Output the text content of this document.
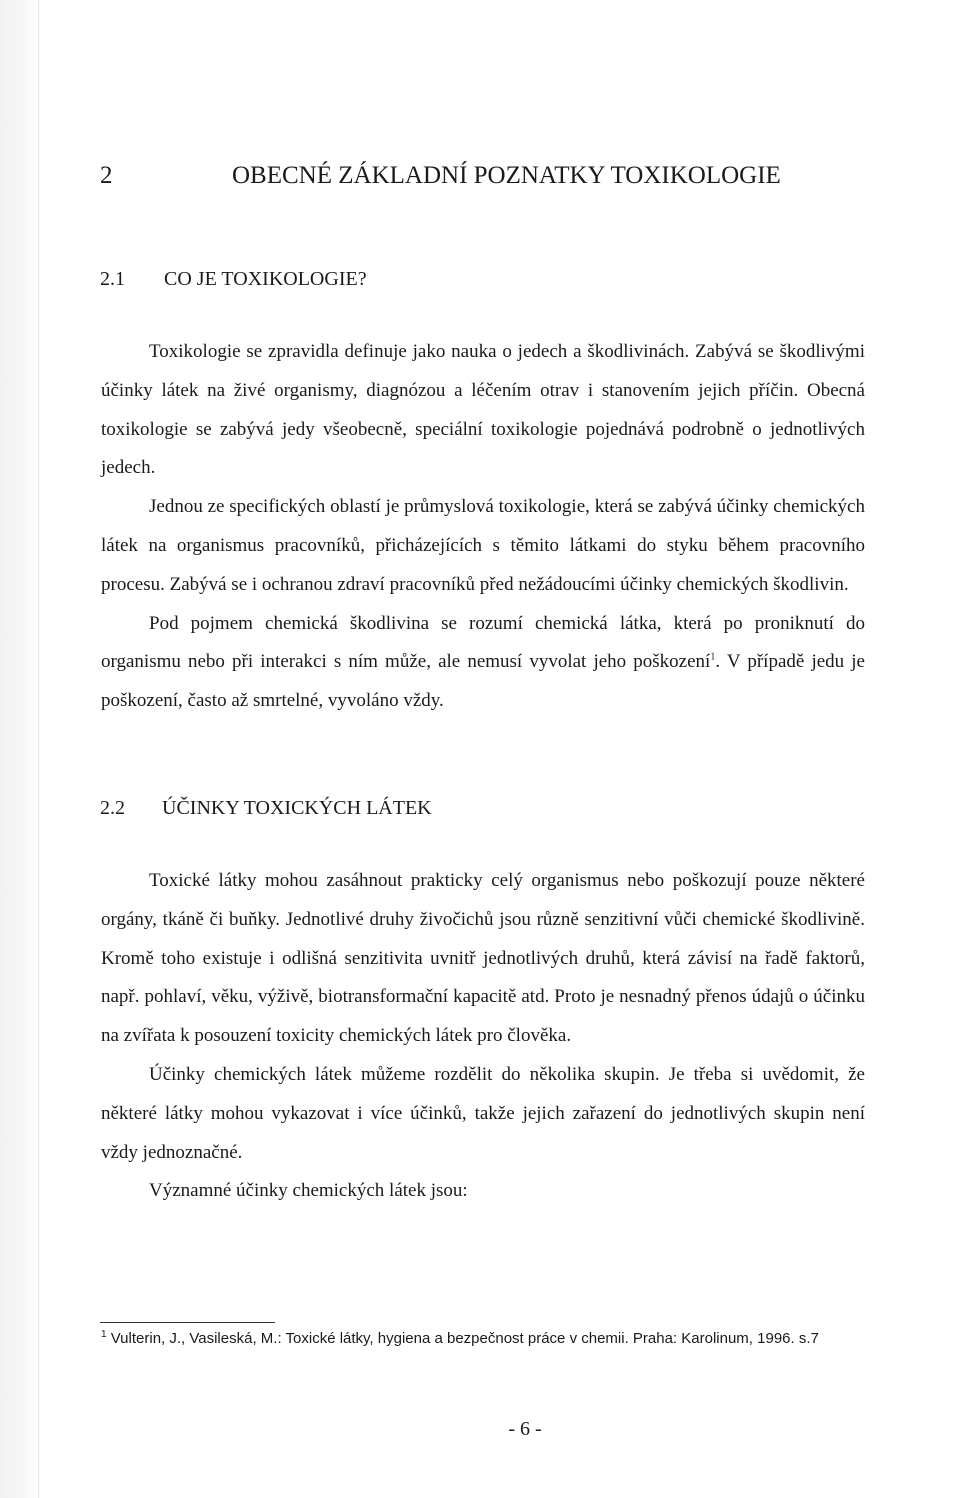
2	OBECNÉ ZÁKLADNÍ POZNATKY TOXIKOLOGIE
2.1 CO JE TOXIKOLOGIE?

Toxikologie se zpravidla definuje jako nauka o jedech a škodlivinách. Zabývá se škodlivými účinky látek na živé organismy, diagnózou a léčením otrav i stanovením jejich příčin. Obecná toxikologie se zabývá jedy všeobecně, speciální toxikologie pojednává podrobně o jednotlivých jedech.

Jednou ze specifických oblastí je průmyslová toxikologie, která se zabývá účinky chemických látek na organismus pracovníků, přicházejících s těmito látkami do styku během pracovního procesu. Zabývá se i ochranou zdraví pracovníků před nežádoucími účinky chemických škodlivin.

Pod pojmem chemická škodlivina se rozumí chemická látka, která po proniknutí do organismu nebo při interakci s ním může, ale nemusí vyvolat jeho poškození$^1$. V případě jedu je poškození, často až smrtelné, vyvoláno vždy.

2.2 ÚČINKY TOXICKÝCH LÁTEK

Toxické látky mohou zasáhnout prakticky celý organismus nebo poškozují pouze některé orgány, tkáně či buňky. Jednotlivé druhy živočichů jsou různě senzitivní vůči chemické škodlivině. Kromě toho existuje i odlišná senzitivita uvnitř jednotlivých druhů, která závisí na řadě faktorů, např. pohlaví, věku, výživě, biotransformační kapacitě atd. Proto je nesnadný přenos údajů o účinku na zvířata k posouzení toxicity chemických látek pro člověka.

Účinky chemických látek můžeme rozdělit do několika skupin. Je třeba si uvědomit, že některé látky mohou vykazovat i více účinků, takže jejich zařazení do jednotlivých skupin není vždy jednoznačné.

Významné účinky chemických látek jsou:

$^1$ Vulterin, J., Vasileská, M.: Toxické látky, hygiena a bezpečnost práce v chemii. Praha: Karolinum, 1996. s.7

- 6 -
